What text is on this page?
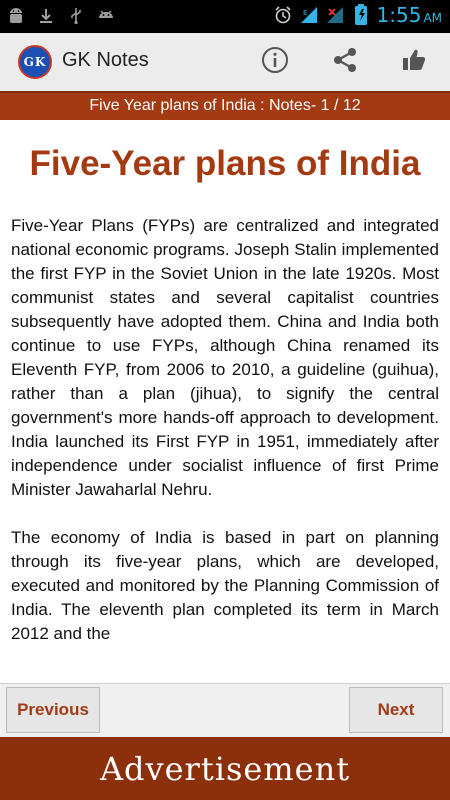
E	1:55 AM
GK GK Notes
Five Year plans of India : Notes- 1 / 12
Five-Year plans of India

Five-Year Plans (FYPs) are centralized and integrated national economic programs. Joseph Stalin implemented the first FYP in the Soviet Union in the late 1920s. Most communist states and several capitalist countries subsequently have adopted them. China and India both continue to use FYPs, although China renamed its Eleventh FYP, from 2006 to 2010, a guideline (guihua), rather than a plan (jihua), to signify the central government's more hands-off approach to development. India launched its First FYP in 1951, immediately after independence under socialist influence of first Prime Minister Jawaharlal Nehru.

The economy of India is based in part on planning through its five-year plans, which are developed, executed and monitored by the Planning Commission of India. The eleventh plan completed its term in March 2012 and the

Previous	Next
Advertisement
